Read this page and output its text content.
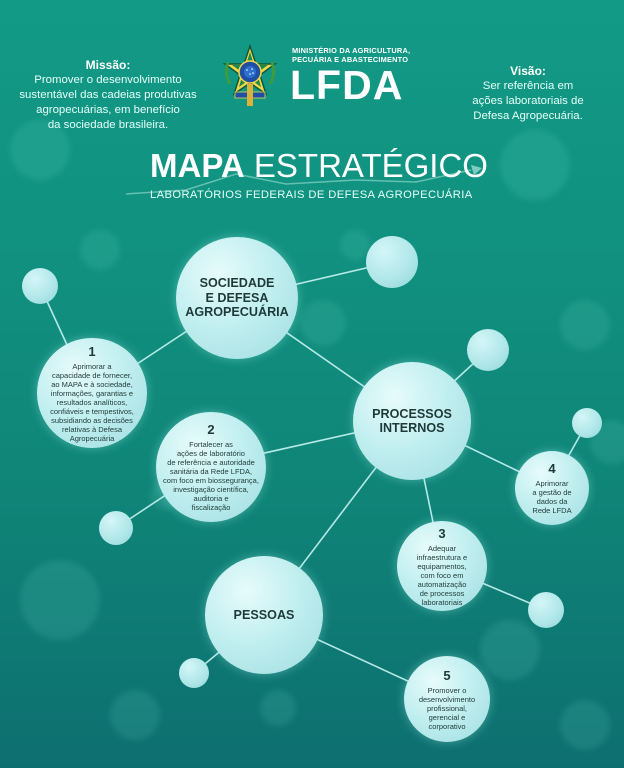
Missão:
Promover o desenvolvimento
sustentável das cadeias produtivas
agropecuárias, em benefício
da sociedade brasileira.
Visão:
Ser referência em
ações laboratoriais de
Defesa Agropecuária.
MINISTÉRIO DA AGRICULTURA,
PECUÁRIA E ABASTECIMENTO
LFDA
MAPA ESTRATÉGICO
LABORATÓRIOS FEDERAIS DE DEFESA AGROPECUÁRIA
SOCIEDADE
E DEFESA
AGROPECUÁRIA
PROCESSOS
INTERNOS
PESSOAS
1
Aprimorar a
capacidade de fornecer,
ao MAPA e à sociedade,
informações, garantias e
resultados analíticos,
confiáveis e tempestivos,
subsidiando as decisões
relativas à Defesa
Agropecuária
2
Fortalecer as
ações de laboratório
de referência e autoridade
sanitária da Rede LFDA,
com foco em biossegurança,
investigação científica,
auditoria e
fiscalização
3
Adequar
infraestrutura e
equipamentos,
com foco em
automatização
de processos
laboratoriais
4
Aprimorar
a gestão de
dados da
Rede LFDA
5
Promover o
desenvolvimento
profissional,
gerencial e
corporativo
